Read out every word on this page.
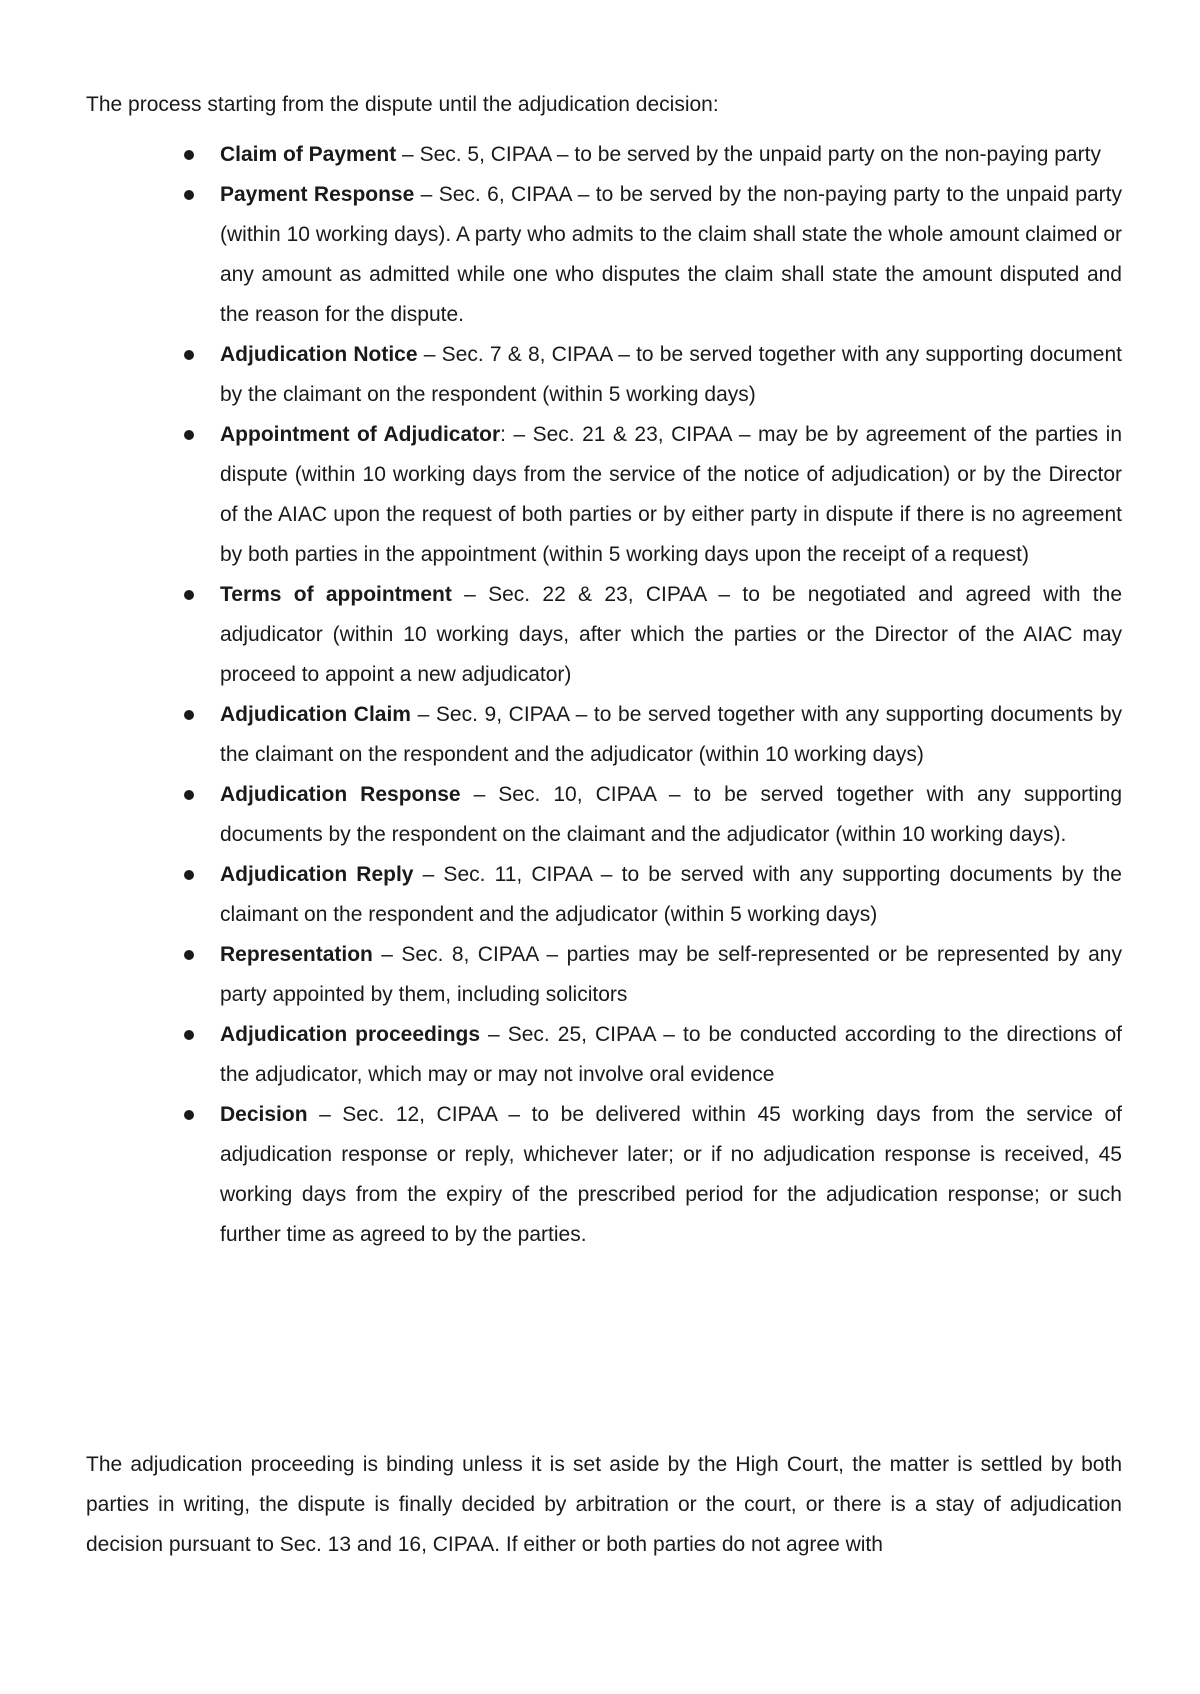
The process starting from the dispute until the adjudication decision:

Claim of Payment – Sec. 5, CIPAA – to be served by the unpaid party on the non-paying party
Payment Response – Sec. 6, CIPAA – to be served by the non-paying party to the unpaid party (within 10 working days). A party who admits to the claim shall state the whole amount claimed or any amount as admitted while one who disputes the claim shall state the amount disputed and the reason for the dispute.
Adjudication Notice – Sec. 7 & 8, CIPAA – to be served together with any supporting document by the claimant on the respondent (within 5 working days)
Appointment of Adjudicator: – Sec. 21 & 23, CIPAA – may be by agreement of the parties in dispute (within 10 working days from the service of the notice of adjudication) or by the Director of the AIAC upon the request of both parties or by either party in dispute if there is no agreement by both parties in the appointment (within 5 working days upon the receipt of a request)
Terms of appointment – Sec. 22 & 23, CIPAA – to be negotiated and agreed with the adjudicator (within 10 working days, after which the parties or the Director of the AIAC may proceed to appoint a new adjudicator)
Adjudication Claim – Sec. 9, CIPAA – to be served together with any supporting documents by the claimant on the respondent and the adjudicator (within 10 working days)
Adjudication Response – Sec. 10, CIPAA – to be served together with any supporting documents by the respondent on the claimant and the adjudicator (within 10 working days).
Adjudication Reply – Sec. 11, CIPAA – to be served with any supporting documents by the claimant on the respondent and the adjudicator (within 5 working days)
Representation – Sec. 8, CIPAA – parties may be self-represented or be represented by any party appointed by them, including solicitors
Adjudication proceedings – Sec. 25, CIPAA – to be conducted according to the directions of the adjudicator, which may or may not involve oral evidence
Decision – Sec. 12, CIPAA – to be delivered within 45 working days from the service of adjudication response or reply, whichever later; or if no adjudication response is received, 45 working days from the expiry of the prescribed period for the adjudication response; or such further time as agreed to by the parties.

The adjudication proceeding is binding unless it is set aside by the High Court, the matter is settled by both parties in writing, the dispute is finally decided by arbitration or the court, or there is a stay of adjudication decision pursuant to Sec. 13 and 16, CIPAA. If either or both parties do not agree with
